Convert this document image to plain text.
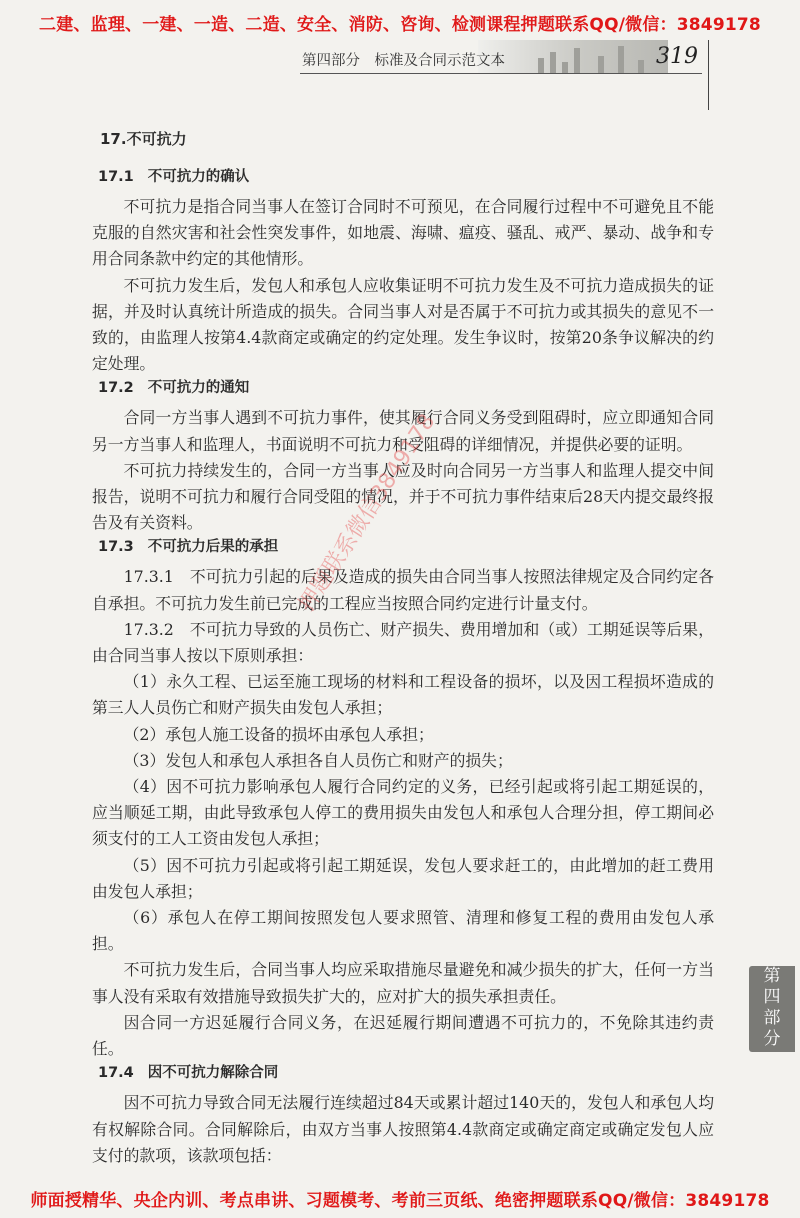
二建、监理、一建、一造、二造、安全、消防、咨询、检测课程押题联系QQ/微信：3849178
第四部分　标准及合同示范文本	319
17.不可抗力
17.1 不可抗力的确认

不可抗力是指合同当事人在签订合同时不可预见，在合同履行过程中不可避免且不能克服的自然灾害和社会性突发事件，如地震、海啸、瘟疫、骚乱、戒严、暴动、战争和专用合同条款中约定的其他情形。

不可抗力发生后，发包人和承包人应收集证明不可抗力发生及不可抗力造成损失的证据，并及时认真统计所造成的损失。合同当事人对是否属于不可抗力或其损失的意见不一致的，由监理人按第4.4款商定或确定的约定处理。发生争议时，按第20条争议解决的约定处理。

17.2 不可抗力的通知

合同一方当事人遇到不可抗力事件，使其履行合同义务受到阻碍时，应立即通知合同另一方当事人和监理人，书面说明不可抗力和受阻碍的详细情况，并提供必要的证明。

不可抗力持续发生的，合同一方当事人应及时向合同另一方当事人和监理人提交中间报告，说明不可抗力和履行合同受阻的情况，并于不可抗力事件结束后28天内提交最终报告及有关资料。

17.3 不可抗力后果的承担

17.3.1　不可抗力引起的后果及造成的损失由合同当事人按照法律规定及合同约定各自承担。不可抗力发生前已完成的工程应当按照合同约定进行计量支付。

17.3.2　不可抗力导致的人员伤亡、财产损失、费用增加和（或）工期延误等后果，由合同当事人按以下原则承担：

（1）永久工程、已运至施工现场的材料和工程设备的损坏，以及因工程损坏造成的第三人人员伤亡和财产损失由发包人承担；

（2）承包人施工设备的损坏由承包人承担；

（3）发包人和承包人承担各自人员伤亡和财产的损失；

（4）因不可抗力影响承包人履行合同约定的义务，已经引起或将引起工期延误的，应当顺延工期，由此导致承包人停工的费用损失由发包人和承包人合理分担，停工期间必须支付的工人工资由发包人承担；

（5）因不可抗力引起或将引起工期延误，发包人要求赶工的，由此增加的赶工费用由发包人承担；

（6）承包人在停工期间按照发包人要求照管、清理和修复工程的费用由发包人承担。

不可抗力发生后，合同当事人均应采取措施尽量避免和减少损失的扩大，任何一方当事人没有采取有效措施导致损失扩大的，应对扩大的损失承担责任。

因合同一方迟延履行合同义务，在迟延履行期间遭遇不可抗力的，不免除其违约责任。

17.4 因不可抗力解除合同

因不可抗力导致合同无法履行连续超过84天或累计超过140天的，发包人和承包人均有权解除合同。合同解除后，由双方当事人按照第4.4款商定或确定商定或确定发包人应支付的款项，该款项包括：

第
四
部
分
押题联系微信3849178
师面授精华、央企内训、考点串讲、习题模考、考前三页纸、绝密押题联系QQ/微信：3849178
